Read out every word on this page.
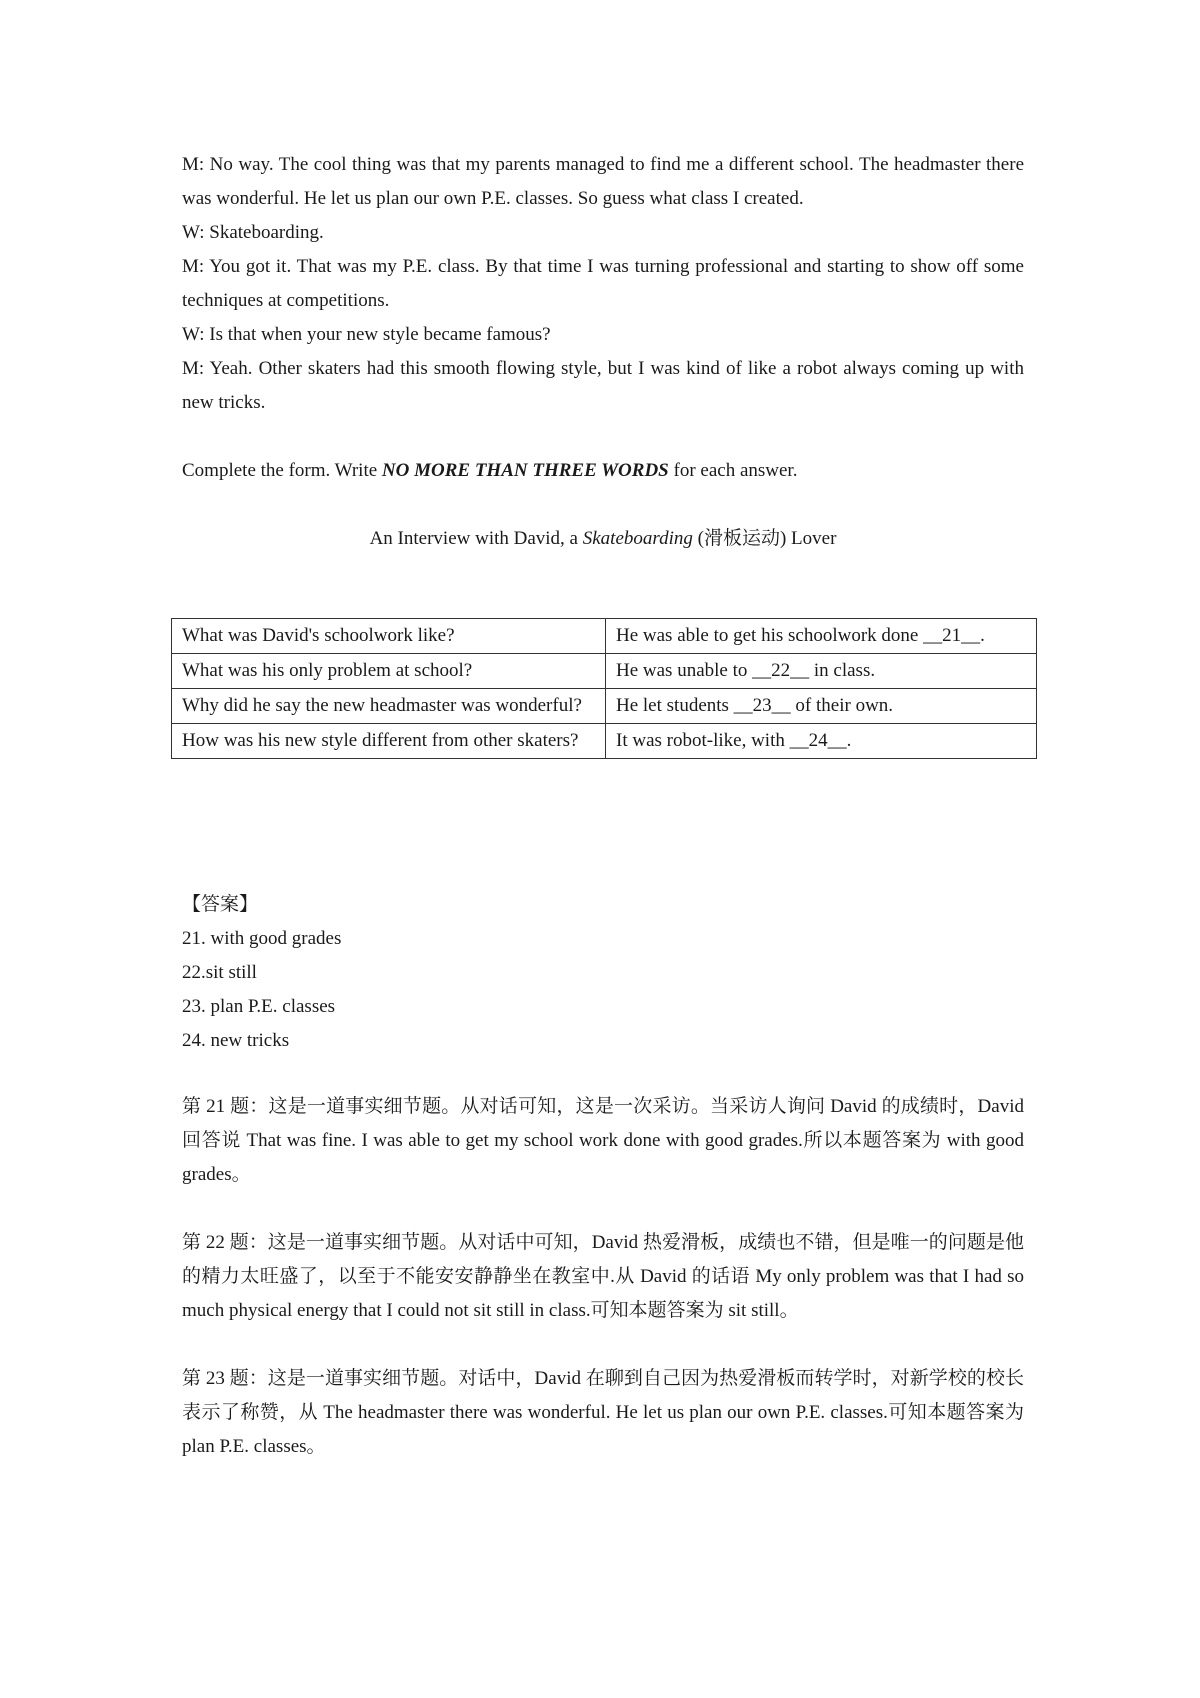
M: No way. The cool thing was that my parents managed to find me a different school. The headmaster there was wonderful. He let us plan our own P.E. classes. So guess what class I created.

W: Skateboarding.

M: You got it. That was my P.E. class. By that time I was turning professional and starting to show off some techniques at competitions.

W: Is that when your new style became famous?

M: Yeah. Other skaters had this smooth flowing style, but I was kind of like a robot always coming up with new tricks.

Complete the form. Write NO MORE THAN THREE WORDS for each answer.

An Interview with David, a Skateboarding (滑板运动) Lover

What was David's schoolwork like?	He was able to get his schoolwork done __21__.
What was his only problem at school?	He was unable to __22__ in class.
Why did he say the new headmaster was wonderful?	He let students __23__ of their own.
How was his new style different from other skaters?	It was robot-like, with __24__.

【答案】

21. with good grades

22.sit still

23. plan P.E. classes

24. new tricks

第 21 题：这是一道事实细节题。从对话可知，这是一次采访。当采访人询问 David 的成绩时，David 回答说 That was fine. I was able to get my school work done with good grades.所以本题答案为 with good grades。

第 22 题：这是一道事实细节题。从对话中可知，David 热爱滑板，成绩也不错，但是唯一的问题是他的精力太旺盛了，以至于不能安安静静坐在教室中.从 David 的话语 My only problem was that I had so much physical energy that I could not sit still in class.可知本题答案为 sit still。

第 23 题：这是一道事实细节题。对话中，David 在聊到自己因为热爱滑板而转学时，对新学校的校长表示了称赞，从 The headmaster there was wonderful. He let us plan our own P.E. classes.可知本题答案为 plan P.E. classes。
